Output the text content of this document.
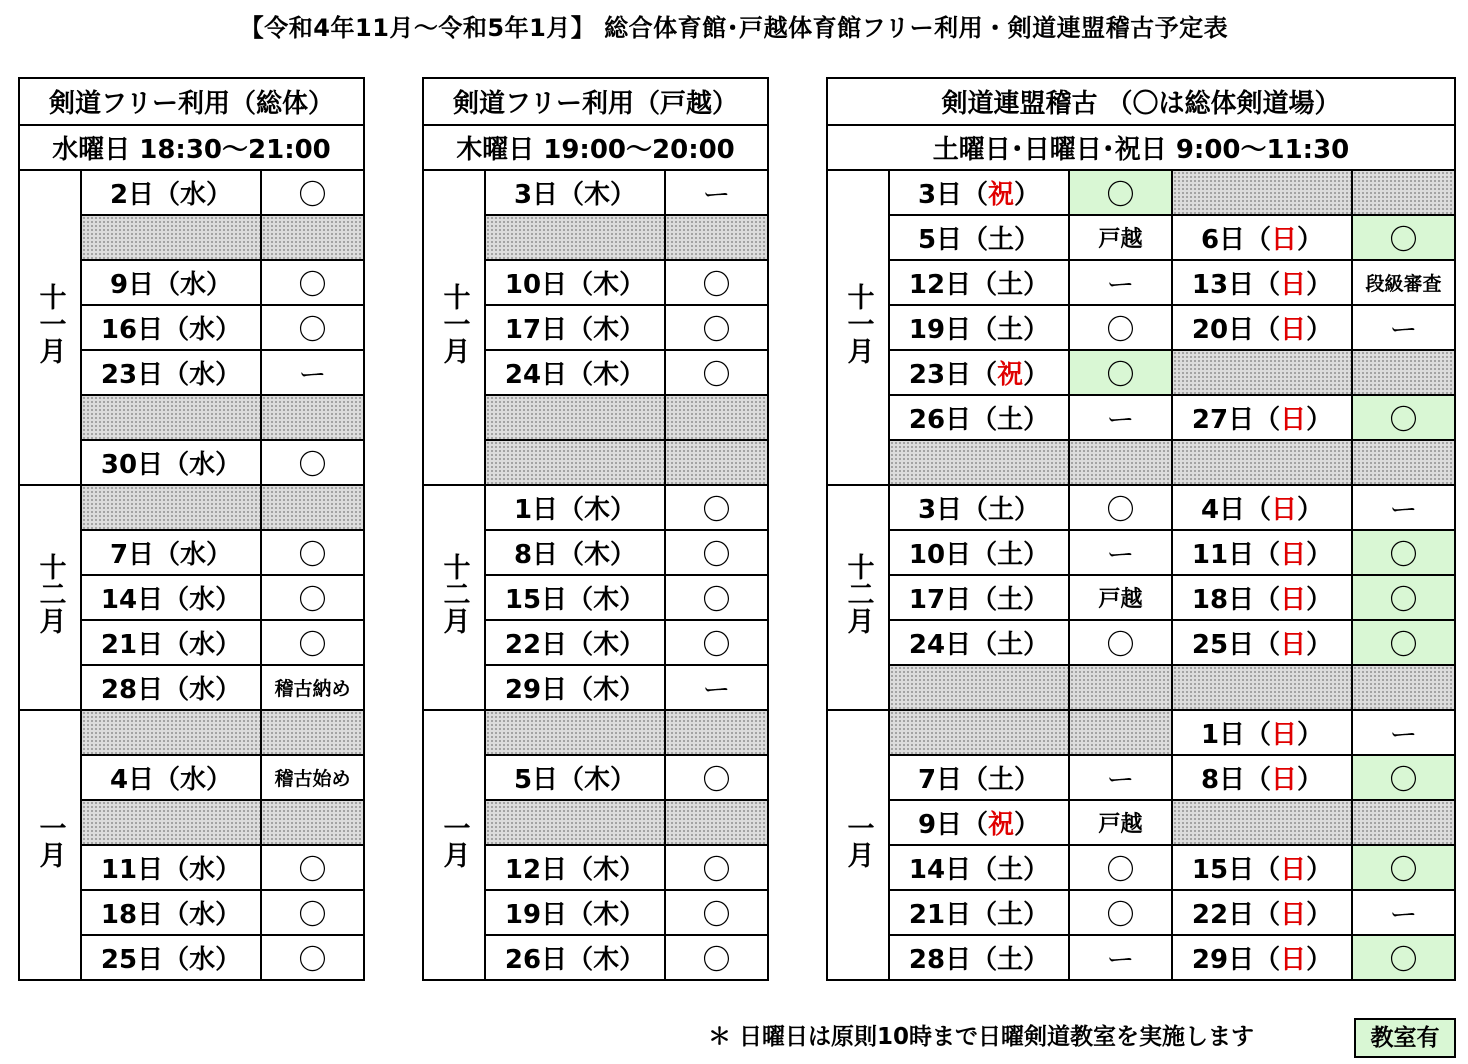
【令和4年11月～令和5年1月】 総合体育館･戸越体育館フリー利用・剣道連盟稽古予定表
剣道フリー利用（総体）		
水曜日 18:30～21:00		
十一月	2日（水）	〇

	9日（水）	〇
	16日（水）	〇
	23日（水）	ー

	30日（水）	〇
十二月		
	7日（水）	〇
	14日（水）	〇
	21日（水）	〇
	28日（水）	稽古納め
一月		
	4日（水）	稽古始め

	11日（水）	〇
	18日（水）	〇
	25日（水）	〇
剣道フリー利用（戸越）		
木曜日 19:00～20:00		
十一月	3日（木）	ー

	10日（木）	〇
	17日（木）	〇
	24日（木）	〇

十二月	1日（木）	〇
	8日（木）	〇
	15日（木）	〇
	22日（木）	〇
	29日（木）	ー
一月		
	5日（木）	〇

	12日（木）	〇
	19日（木）	〇
	26日（木）	〇
剣道連盟稽古 （〇は総体剣道場）				
土曜日･日曜日･祝日 9:00～11:30				
十一月	3日（祝）	〇		
	5日（土）	戸越	6日（日）	〇
	12日（土）	ー	13日（日）	段級審査
	19日（土）	〇	20日（日）	ー
	23日（祝）	〇		
	26日（土）	ー	27日（日）	〇

十二月	3日（土）	〇	4日（日）	ー
	10日（土）	ー	11日（日）	〇
	17日（土）	戸越	18日（日）	〇
	24日（土）	〇	25日（日）	〇

一月			1日（日）	ー
	7日（土）	ー	8日（日）	〇
	9日（祝）	戸越		
	14日（土）	〇	15日（日）	〇
	21日（土）	〇	22日（日）	ー
	28日（土）	ー	29日（日）	〇
＊ 日曜日は原則10時まで日曜剣道教室を実施します	教室有
